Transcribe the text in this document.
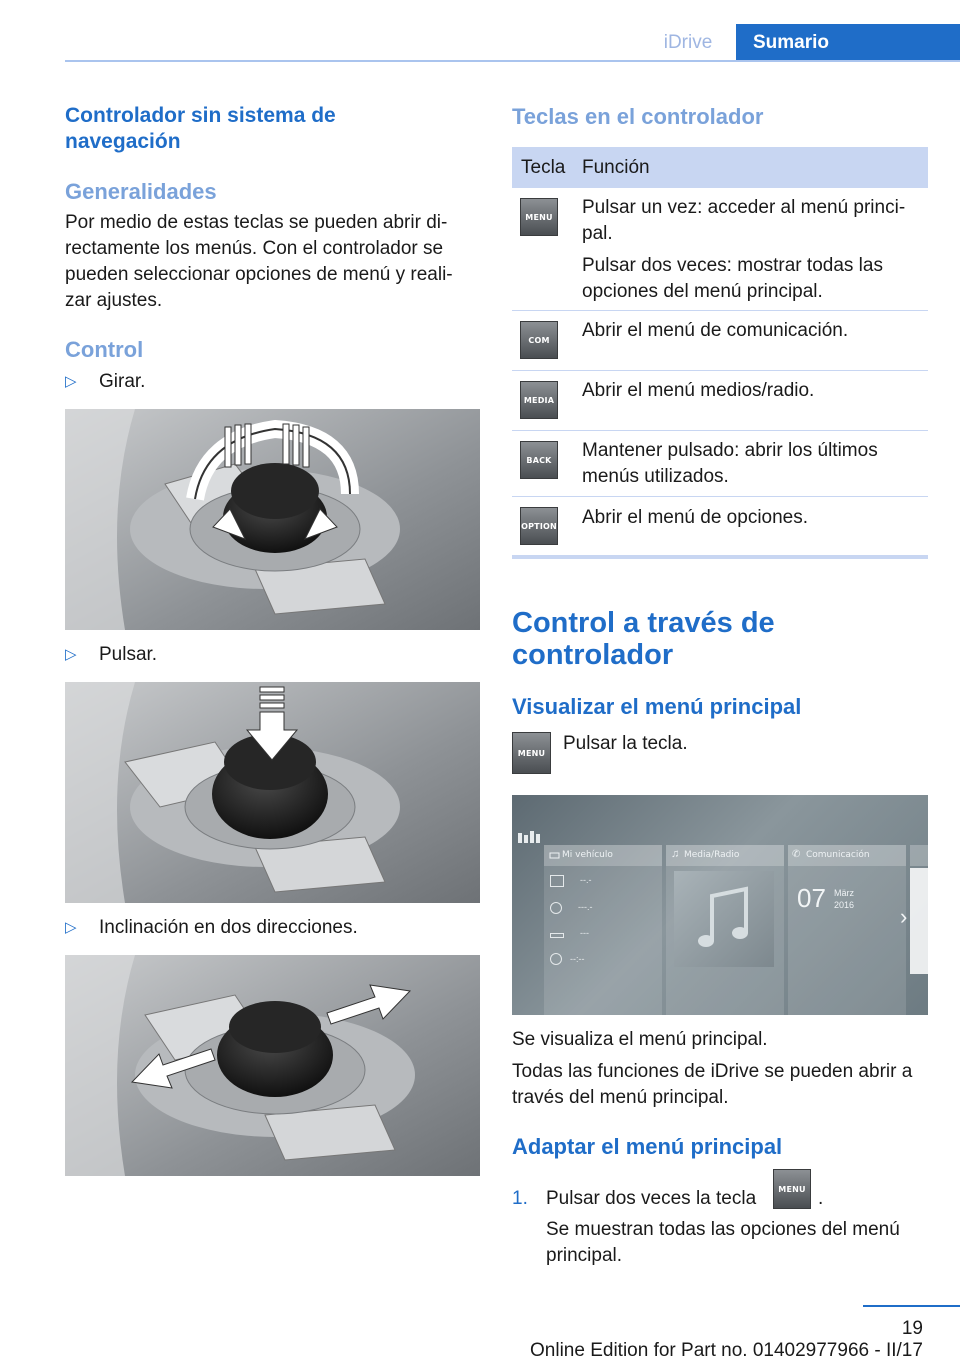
iDrive	Sumario
Controlador sin sistema de navegación
Generalidades

Por medio de estas teclas se pueden abrir di-rectamente los menús. Con el controlador se pueden seleccionar opciones de menú y reali-zar ajustes.

Control
▷ Girar.
▷ Pulsar.
▷ Inclinación en dos direcciones.
Teclas en el controlador
Tecla Función
MENU Pulsar un vez: acceder al menú princi-pal.

Pulsar dos veces: mostrar todas las opciones del menú principal.

COM	Abrir el menú de comunicación.

MEDIA Abrir el menú medios/radio.

BACK	Mantener pulsado: abrir los últimos menús utilizados.

OPTION Abrir el menú de opciones.

Control a través de controlador
Visualizar el menú principal
MENU Pulsar la tecla.

Mi vehículo
--.-
---.-
---
--:--
Media/Radio
♫	Comunicación
✆
07 März
2016 ›

Se visualiza el menú principal.

Todas las funciones de iDrive se pueden abrir a través del menú principal.

Adaptar el menú principal
1. Pulsar dos veces la tecla	MENU .

Se muestran todas las opciones del menú principal.

19
Online Edition for Part no. 01402977966 - II/17
